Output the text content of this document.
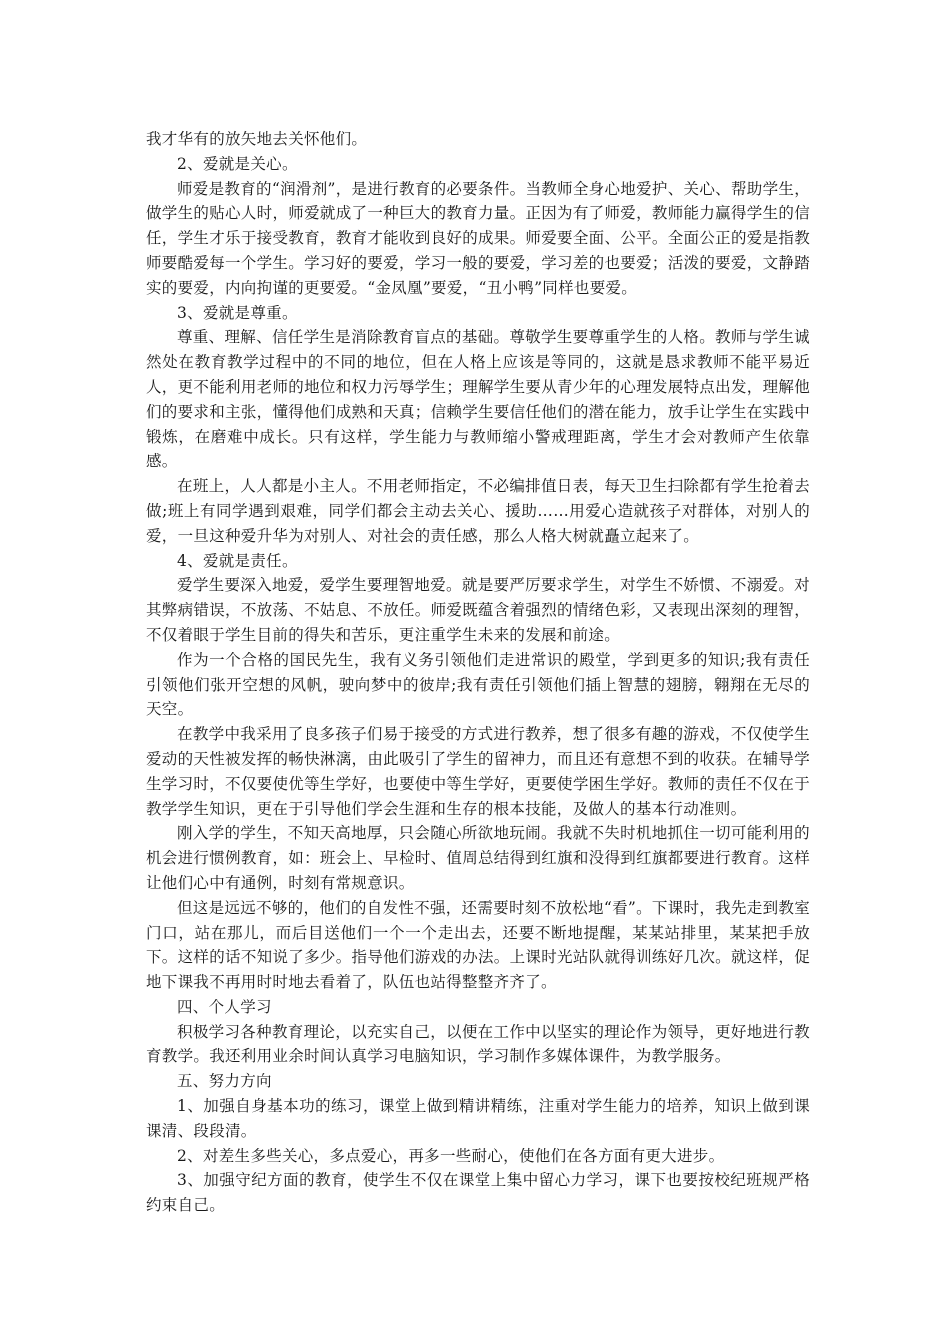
我才华有的放矢地去关怀他们。

2、爱就是关心。

师爱是教育的“润滑剂”，是进行教育的必要条件。当教师全身心地爱护、关心、帮助学生，做学生的贴心人时，师爱就成了一种巨大的教育力量。正因为有了师爱，教师能力赢得学生的信任，学生才乐于接受教育，教育才能收到良好的成果。师爱要全面、公平。全面公正的爱是指教师要酷爱每一个学生。学习好的要爱，学习一般的要爱，学习差的也要爱；活泼的要爱，文静踏实的要爱，内向拘谨的更要爱。“金凤凰”要爱，“丑小鸭”同样也要爱。

3、爱就是尊重。

尊重、理解、信任学生是消除教育盲点的基础。尊敬学生要尊重学生的人格。教师与学生诚然处在教育教学过程中的不同的地位，但在人格上应该是等同的，这就是恳求教师不能平易近人，更不能利用老师的地位和权力污辱学生；理解学生要从青少年的心理发展特点出发，理解他们的要求和主张，懂得他们成熟和天真；信赖学生要信任他们的潜在能力，放手让学生在实践中锻炼，在磨难中成长。只有这样，学生能力与教师缩小警戒理距离，学生才会对教师产生依靠感。

在班上，人人都是小主人。不用老师指定，不必编排值日表，每天卫生扫除都有学生抢着去做;班上有同学遇到艰难，同学们都会主动去关心、援助……用爱心造就孩子对群体，对别人的爱，一旦这种爱升华为对别人、对社会的责任感，那么人格大树就矗立起来了。

4、爱就是责任。

爱学生要深入地爱，爱学生要理智地爱。就是要严厉要求学生，对学生不娇惯、不溺爱。对其弊病错误，不放荡、不姑息、不放任。师爱既蕴含着强烈的情绪色彩，又表现出深刻的理智，不仅着眼于学生目前的得失和苦乐，更注重学生未来的发展和前途。

作为一个合格的国民先生，我有义务引领他们走进常识的殿堂，学到更多的知识;我有责任引领他们张开空想的风帆，驶向梦中的彼岸;我有责任引领他们插上智慧的翅膀，翱翔在无尽的天空。

在教学中我采用了良多孩子们易于接受的方式进行教养，想了很多有趣的游戏，不仅使学生爱动的天性被发挥的畅快淋漓，由此吸引了学生的留神力，而且还有意想不到的收获。在辅导学生学习时，不仅要使优等生学好，也要使中等生学好，更要使学困生学好。教师的责任不仅在于教学学生知识，更在于引导他们学会生涯和生存的根本技能，及做人的基本行动准则。

刚入学的学生，不知天高地厚，只会随心所欲地玩闹。我就不失时机地抓住一切可能利用的机会进行惯例教育，如：班会上、早检时、值周总结得到红旗和没得到红旗都要进行教育。这样让他们心中有通例，时刻有常规意识。

但这是远远不够的，他们的自发性不强，还需要时刻不放松地“看”。下课时，我先走到教室门口，站在那儿，而后目送他们一个一个走出去，还要不断地提醒，某某站排里，某某把手放下。这样的话不知说了多少。指导他们游戏的办法。上课时光站队就得训练好几次。就这样，促地下课我不再用时时地去看着了，队伍也站得整整齐齐了。

四、个人学习

积极学习各种教育理论，以充实自己，以便在工作中以坚实的理论作为领导，更好地进行教育教学。我还利用业余时间认真学习电脑知识，学习制作多媒体课件，为教学服务。

五、努力方向

1、加强自身基本功的练习，课堂上做到精讲精练，注重对学生能力的培养，知识上做到课课清、段段清。

2、对差生多些关心，多点爱心，再多一些耐心，使他们在各方面有更大进步。

3、加强守纪方面的教育，使学生不仅在课堂上集中留心力学习，课下也要按校纪班规严格约束自己。
